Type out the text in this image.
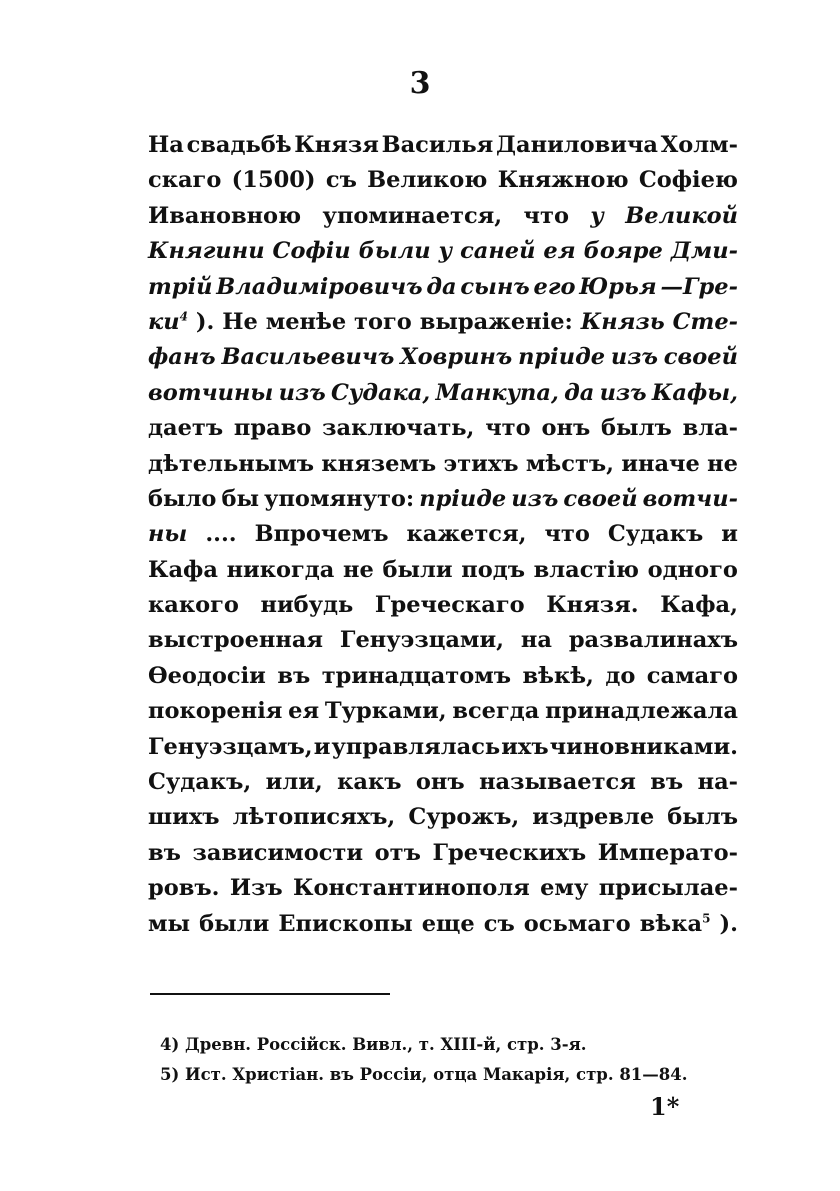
3
На свадьбѣ Князя Василья Даниловича Холм-
скаго (1500) съ Великою Княжною Софіею
Ивановною упоминается, что у Великой
Княгини Софіи были у саней ея боярe Дми-
трій Владиміровичъ да сынъ его Юрья —Гре-
$ки^4$ ). Не менѣе того выраженіе: Князь Сте-
фанъ Васильевичъ Ховринъ пріиде изъ своей
вотчины изъ Судака, Манкупа, да изъ Кафы,
даетъ право заключать, что онъ былъ вла-
дѣтельнымъ княземъ этихъ мѣстъ, иначе не
было бы упомянуто: пріиде изъ своей вотчи-
ны .... Впрочемъ кажется, что Судакъ и
Кафа никогда не были подъ властію одного
какого нибудь Греческаго Князя. Кафа,
выстроенная Генуэзцами, на развалинахъ
Ѳеодосіи въ тринадцатомъ вѣкѣ, до самаго
покоренія ея Турками, всегда принадлежала
Генуэзцамъ, и управлялась ихъ чиновниками.
Судакъ, или, какъ онъ называется въ на-
шихъ лѣтописяхъ, Сурожъ, издревле былъ
въ зависимости отъ Греческихъ Императо-
ровъ. Изъ Константинополя ему присылае-
мы были Епископы еще съ осьмаго вѣка$^5$ ).
4) Древн. Россійск. Вивл., т. XIII-й, стр. 3-я.
5) Ист. Христіан. въ Россіи, отца Макарія, стр. 81—84.
1*
